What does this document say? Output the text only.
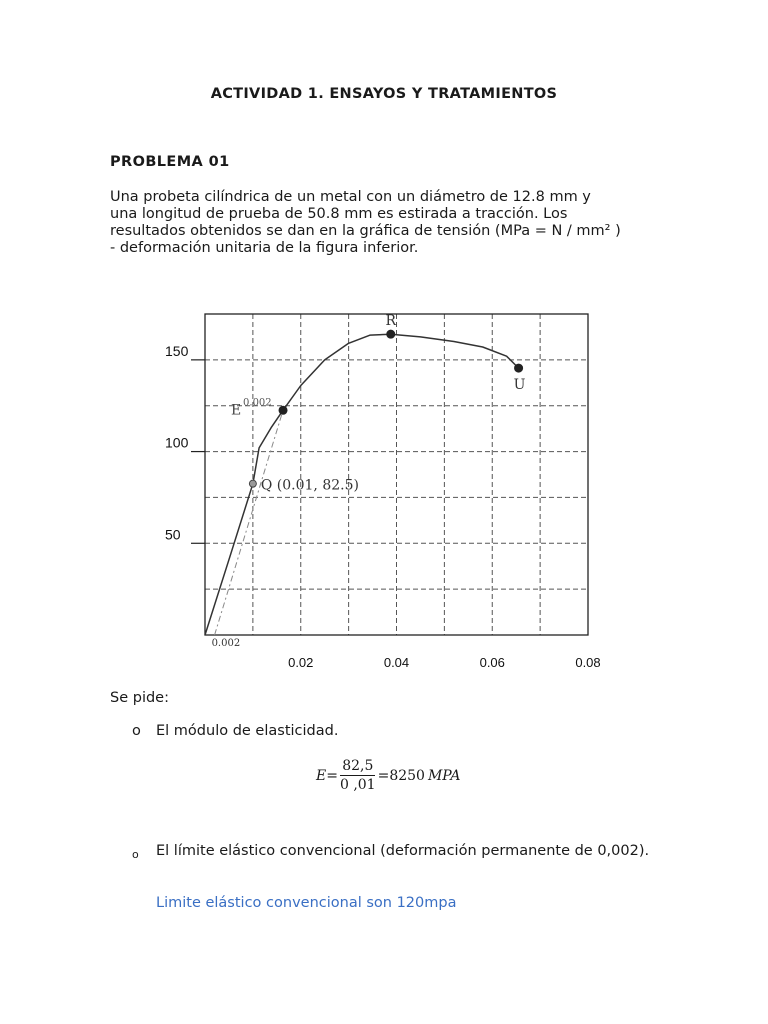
ACTIVIDAD 1. ENSAYOS Y TRATAMIENTOS
PROBLEMA 01

Una probeta cilíndrica de un metal con un diámetro de 12.8 mm y

una longitud de prueba de 50.8 mm es estirada a tracción. Los

resultados obtenidos se dan en la gráfica de tensión (MPa = N / mm² )

- deformación unitaria de la figura inferior.

150
100
50
0.02	0.04	0.06	0.08
0.002
R
U
E 0.002
Q (0.01, 82.5)
Se pide:
o El módulo de elasticidad.
$E = \frac{82,5}{0 ,01} =8250$ MPA
o El límite elástico convencional (deformación permanente de 0,002).
Limite elástico convencional son 120mpa
